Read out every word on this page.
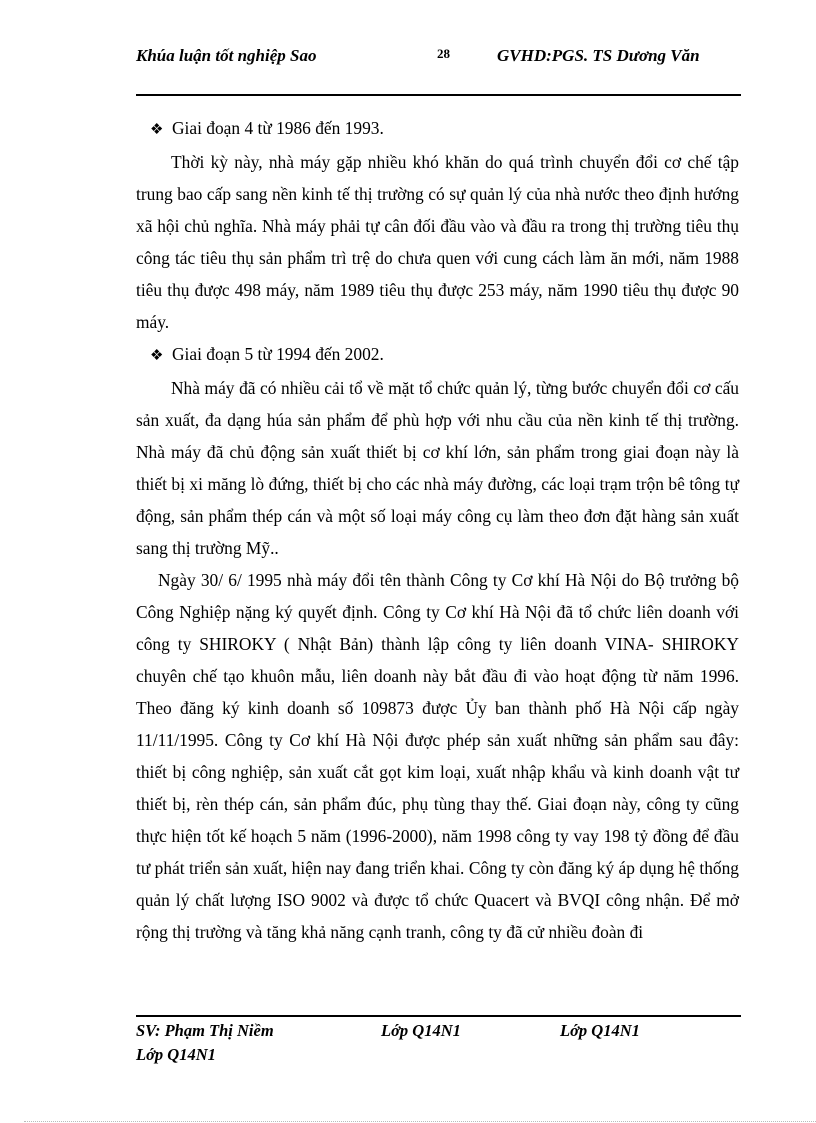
Khúa luận tốt nghiệp Sao	28	GVHD:PGS. TS Dương Văn

❖ Giai đoạn 4 từ 1986 đến 1993.

Thời kỳ này, nhà máy gặp nhiều khó khăn do quá trình chuyển đổi cơ chế tập trung bao cấp sang nền kinh tế thị trường có sự quản lý của nhà nước theo định hướng xã hội chủ nghĩa. Nhà máy phải tự cân đối đầu vào và đầu ra trong thị trường tiêu thụ công tác tiêu thụ sản phẩm trì trệ do chưa quen với cung cách làm ăn mới, năm 1988 tiêu thụ được 498 máy, năm 1989 tiêu thụ được 253 máy, năm 1990 tiêu thụ được 90 máy.

❖ Giai đoạn 5 từ 1994 đến 2002.

Nhà máy đã có nhiều cải tổ về mặt tổ chức quản lý, từng bước chuyển đổi cơ cấu sản xuất, đa dạng húa sản phẩm để phù hợp với nhu cầu của nền kinh tế thị trường. Nhà máy đã chủ động sản xuất thiết bị cơ khí lớn, sản phẩm trong giai đoạn này là thiết bị xi măng lò đứng, thiết bị cho các nhà máy đường, các loại trạm trộn bê tông tự động, sản phẩm thép cán và một số loại máy công cụ làm theo đơn đặt hàng sản xuất sang thị trường Mỹ..

Ngày 30/ 6/ 1995 nhà máy đổi tên thành Công ty Cơ khí Hà Nội do Bộ trưởng bộ Công Nghiệp nặng ký quyết định. Công ty Cơ khí Hà Nội đã tổ chức liên doanh với công ty SHIROKY ( Nhật Bản) thành lập công ty liên doanh VINA- SHIROKY chuyên chế tạo khuôn mẫu, liên doanh này bắt đầu đi vào hoạt động từ năm 1996. Theo đăng ký kinh doanh số 109873 được Ủy ban thành phố Hà Nội cấp ngày 11/11/1995. Công ty Cơ khí Hà Nội được phép sản xuất những sản phẩm sau đây: thiết bị công nghiệp, sản xuất cắt gọt kim loại, xuất nhập khẩu và kinh doanh vật tư thiết bị, rèn thép cán, sản phẩm đúc, phụ tùng thay thế. Giai đoạn này, công ty cũng thực hiện tốt kế hoạch 5 năm (1996-2000), năm 1998 công ty vay 198 tỷ đồng để đầu tư phát triển sản xuất, hiện nay đang triển khai. Công ty còn đăng ký áp dụng hệ thống quản lý chất lượng ISO 9002 và được tổ chức Quacert và BVQI công nhận. Để mở rộng thị trường và tăng khả năng cạnh tranh, công ty đã cử nhiều đoàn đi

SV: Phạm Thị Niềm	Lớp Q14N1	Lớp Q14N1
Lớp Q14N1
